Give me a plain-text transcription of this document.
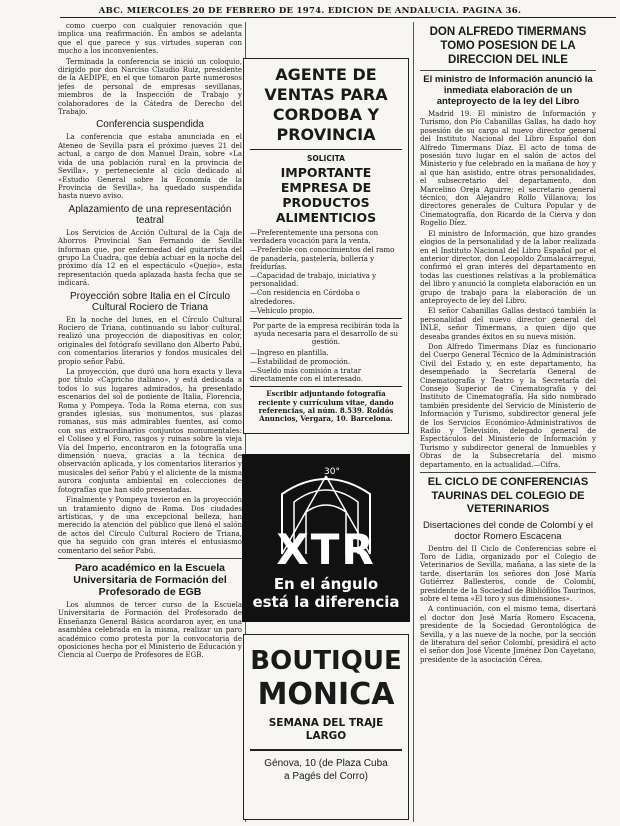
ABC. MIERCOLES 20 DE FEBRERO DE 1974. EDICION DE ANDALUCIA. PAGINA 36.

como cuerpo con cualquier renovación que implica una reafirmación. En ambos se adelanta que el que parece y sus virtudes superan con mucho a los inconvenientes.

Terminada la conferencia se inició un coloquio, dirigido por don Narciso Claudio Ruiz, presidente de la AEDIPE, en el que tomaron parte numerosos jefes de personal de empresas sevillanas, miembros de la Inspección de Trabajo y colaboradores de la Cátedra de Derecho del Trabajo.

Conferencia suspendida

La conferencia que estaba anunciada en el Ateneo de Sevilla para el próximo jueves 21 del actual, a cargo de don Manuel Drain, sobre «La vida de una población rural en la provincia de Sevilla», y perteneciente al ciclo dedicado al «Estudio General sobre la Economía de la Provincia de Sevilla», ha quedado suspendida hasta nuevo aviso.

Aplazamiento de una representación teatral

Los Servicios de Acción Cultural de la Caja de Ahorros Provincial San Fernando de Sevilla informan que, por enfermedad del guitarrista del grupo La Cuadra, que debía actuar en la noche del próximo día 12 en el espectáculo «Quejío», esta representación queda aplazada hasta fecha que se indicará.

Proyección sobre Italia en el Círculo Cultural Rociero de Triana

En la noche del lunes, en el Círculo Cultural Rociero de Triana, continuando su labor cultural, realizó una proyección de diapositivas en color, originales del fotógrafo sevillano don Alberto Pabú, con comentarios literarios y fondos musicales del propio señor Pabú.

La proyección, que duró una hora exacta y lleva por título «Capricho italiano», y está dedicada a todos lo sus lugares admirados, ha presentado escenarios del sol de poniente de Italia, Florencia, Roma y Pompeya. Toda la Roma eterna, con sus grandes iglesias, sus monumentos, sus plazas romanas, sus más admirables fuentes, así como con sus extraordinarios conjuntos monumentales: el Coliseo y el Foro, rasgos y ruinas sobre la vieja Vía del Imperio, encontraron en la fotografía una dimensión nueva, gracias a la técnica de observación aplicada, y los comentarios literarios y musicales del señor Pabú y el aliciente de la misma aurora conjunta ambiental en colecciones de fotografías que han sido presentadas.

Finalmente y Pompeya tuvieron en la proyección un tratamiento digno de Roma. Dos ciudades artísticas, y de una excepcional belleza, han merecido la atención del público que llenó el salón de actos del Círculo Cultural Rociero de Triana, que ha seguido con gran interés el entusiasmo comentario del señor Pabú.

Paro académico en la Escuela Universitaria de Formación del Profesorado de EGB

Los alumnos de tercer curso de la Escuela Universitaria de Formación del Profesorado de Enseñanza General Básica acordaron ayer, en una asamblea celebrada en la misma, realizar un paro académico como protesta por la convocatoria de oposiciones hecha por el Ministerio de Educación y Ciencia al Cuerpo de Profesores de EGB.

AGENTE DE VENTAS PARA CORDOBA Y PROVINCIA
SOLICITA
IMPORTANTE EMPRESA DE PRODUCTOS ALIMENTICIOS
—Preferentemente una persona con verdadera vocación para la venta.
—Preferible con conocimientos del ramo de panadería, pastelería, bollería y freidurías.
—Capacidad de trabajo, iniciativa y personalidad.
—Con residencia en Córdoba o alrededores.
—Vehículo propio.
Por parte de la empresa recibirán toda la ayuda necesaria para el desarrollo de su gestión.
—Ingreso en plantilla.
—Estabilidad de promoción.
—Sueldo más comisión a tratar directamente con el interesado.
Escribir adjuntando fotografía reciente y currículum vitae, dando referencias, al núm. 8.539. Roldós Anuncios, Vergara, 10. Barcelona.
30°
XTR
En el ángulo
está la diferencia
BOUTIQUE
MONICA
SEMANA DEL TRAJE LARGO
Génova, 10 (de Plaza Cuba
a Pagés del Corro)
DON ALFREDO TIMERMANS TOMO POSESION DE LA DIRECCION DEL INLE
El ministro de Información anunció la inmediata elaboración de un anteproyecto de la ley del Libro

Madrid 19. El ministro de Información y Turismo, don Pío Cabanillas Gallas, ha dado hoy posesión de su cargo al nuevo director general del Instituto Nacional del Libro Español don Alfredo Timermans Díaz. El acto de toma de posesión tuvo lugar en el salón de actos del Ministerio y fue celebrado en la mañana de hoy y al que han asistido, entre otras personalidades, el subsecretario del departamento, don Marcelino Oreja Aguirre; el secretario general técnico, don Alejandro Rollo Villanova; los directores generales de Cultura Popular y de Cinematografía, don Ricardo de la Cierva y don Rogelio Díez.

El ministro de Información, que hizo grandes elogios de la personalidad y de la labor realizada en el Instituto Nacional del Libro Español por el anterior director, don Leopoldo Zumalacárregui, confirmó el gran interés del departamento en todas las cuestiones relativas a la problemática del libro y anunció la completa elaboración en un grupo de trabajo para la elaboración de un anteproyecto de ley del Libro.

El señor Cabanillas Gallas destacó también la personalidad del nuevo director general del INLE, señor Timermans, a quien dijo que deseaba grandes éxitos en su nueva misión.

Don Alfredo Timermans Díaz es funcionario del Cuerpo General Técnico de la Administración Civil del Estado y, en este departamento, ha desempeñado la Secretaría General de Cinematografía y Teatro y la Secretaría del Consejo Superior de Cinematografía y del Instituto de Cinematografía. Ha sido nombrado también presidente del Servicio de Ministerio de Información y Turismo, subdirector general jefe de los Servicios Económico-Administrativos de Radio y Televisión, delegado general de Espectáculos del Ministerio de Información y Turismo y subdirector general de Inmuebles y Obras de la Subsecretaría del mismo departamento, en la actualidad.—Cifra.

EL CICLO DE CONFERENCIAS TAURINAS DEL COLEGIO DE VETERINARIOS
Disertaciones del conde de Colombí y el doctor Romero Escacena

Dentro del II Ciclo de Conferencias sobre el Toro de Lidia, organizado por el Colegio de Veterinarios de Sevilla, mañana, a las siete de la tarde, disertarán los señores don José María Gutiérrez Ballesteros, conde de Colombí, presidente de la Sociedad de Bibliófilos Taurinos, sobre el tema «El toro y sus dimensiones».

A continuación, con el mismo tema, disertará el doctor don José María Romero Escacena, presidente de la Sociedad Gerontológica de Sevilla, y a las nueve de la noche, por la sección de literatura del señor Colombí, presidirá el acto el señor don José Vicente Jiménez Don Cayetano, presidente de la asociación Cérea.
